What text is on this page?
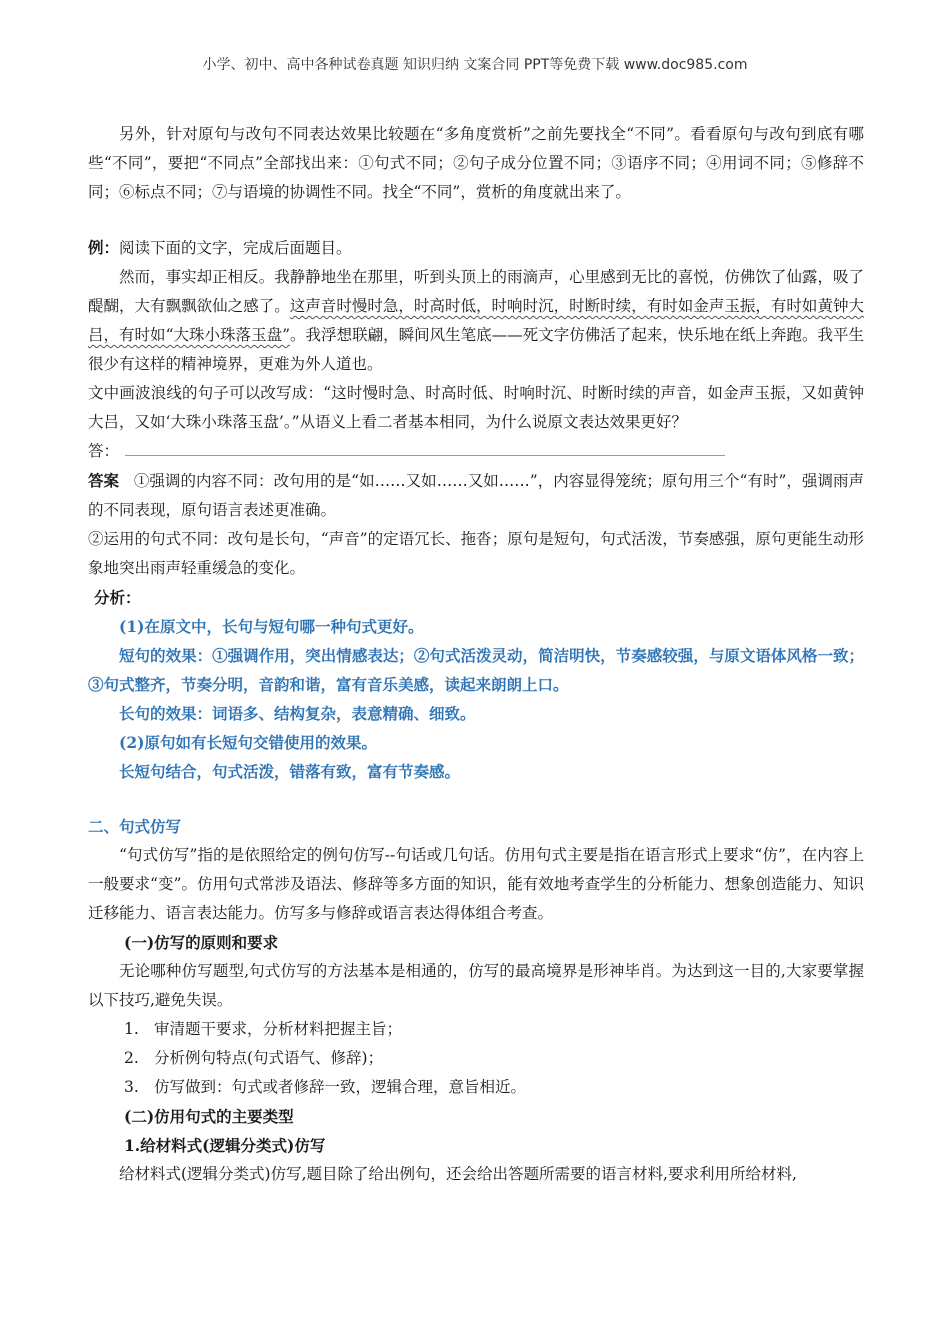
小学、初中、高中各种试卷真题 知识归纳 文案合同 PPT等免费下载 www.doc985.com

另外，针对原句与改句不同表达效果比较题在“多角度赏析”之前先要找全“不同”。看看原句与改句到底有哪些“不同”，要把“不同点”全部找出来：①句式不同；②句子成分位置不同；③语序不同；④用词不同；⑤修辞不同；⑥标点不同；⑦与语境的协调性不同。找全“不同”，赏析的角度就出来了。

例：阅读下面的文字，完成后面题目。

然而，事实却正相反。我静静地坐在那里，听到头顶上的雨滴声，心里感到无比的喜悦，仿佛饮了仙露，吸了醍醐，大有飘飘欲仙之感了。这声音时慢时急，时高时低，时响时沉，时断时续，有时如金声玉振，有时如黄钟大吕，有时如“大珠小珠落玉盘”。我浮想联翩，瞬间风生笔底——死文字仿佛活了起来，快乐地在纸上奔跑。我平生很少有这样的精神境界，更难为外人道也。

文中画波浪线的句子可以改写成：“这时慢时急、时高时低、时响时沉、时断时续的声音，如金声玉振，又如黄钟大吕，又如‘大珠小珠落玉盘’。”从语义上看二者基本相同，为什么说原文表达效果更好？

答：

答案 ①强调的内容不同：改句用的是“如……又如……又如……”，内容显得笼统；原句用三个“有时”，强调雨声的不同表现，原句语言表述更准确。

②运用的句式不同：改句是长句，“声音”的定语冗长、拖沓；原句是短句，句式活泼，节奏感强，原句更能生动形象地突出雨声轻重缓急的变化。

分析：

(1)在原文中，长句与短句哪一种句式更好。

短句的效果：①强调作用，突出情感表达；②句式活泼灵动，简洁明快，节奏感较强，与原文语体风格一致；③句式整齐，节奏分明，音韵和谐，富有音乐美感，读起来朗朗上口。

长句的效果：词语多、结构复杂，表意精确、细致。

(2)原句如有长短句交错使用的效果。

长短句结合，句式活泼，错落有致，富有节奏感。

二、句式仿写

“句式仿写”指的是依照给定的例句仿写--句话或几句话。仿用句式主要是指在语言形式上要求“仿”，在内容上一般要求“变”。仿用句式常涉及语法、修辞等多方面的知识，能有效地考查学生的分析能力、想象创造能力、知识迁移能力、语言表达能力。仿写多与修辞或语言表达得体组合考查。

(一)仿写的原则和要求

无论哪种仿写题型,句式仿写的方法基本是相通的，仿写的最高境界是形神毕肖。为达到这一目的,大家要掌握以下技巧,避免失误。

1. 审清题干要求，分析材料把握主旨；

2. 分析例句特点(句式语气、修辞)；

3. 仿写做到：句式或者修辞一致，逻辑合理，意旨相近。

(二)仿用句式的主要类型

1.给材料式(逻辑分类式)仿写

给材料式(逻辑分类式)仿写,题目除了给出例句，还会给出答题所需要的语言材料,要求利用所给材料,
